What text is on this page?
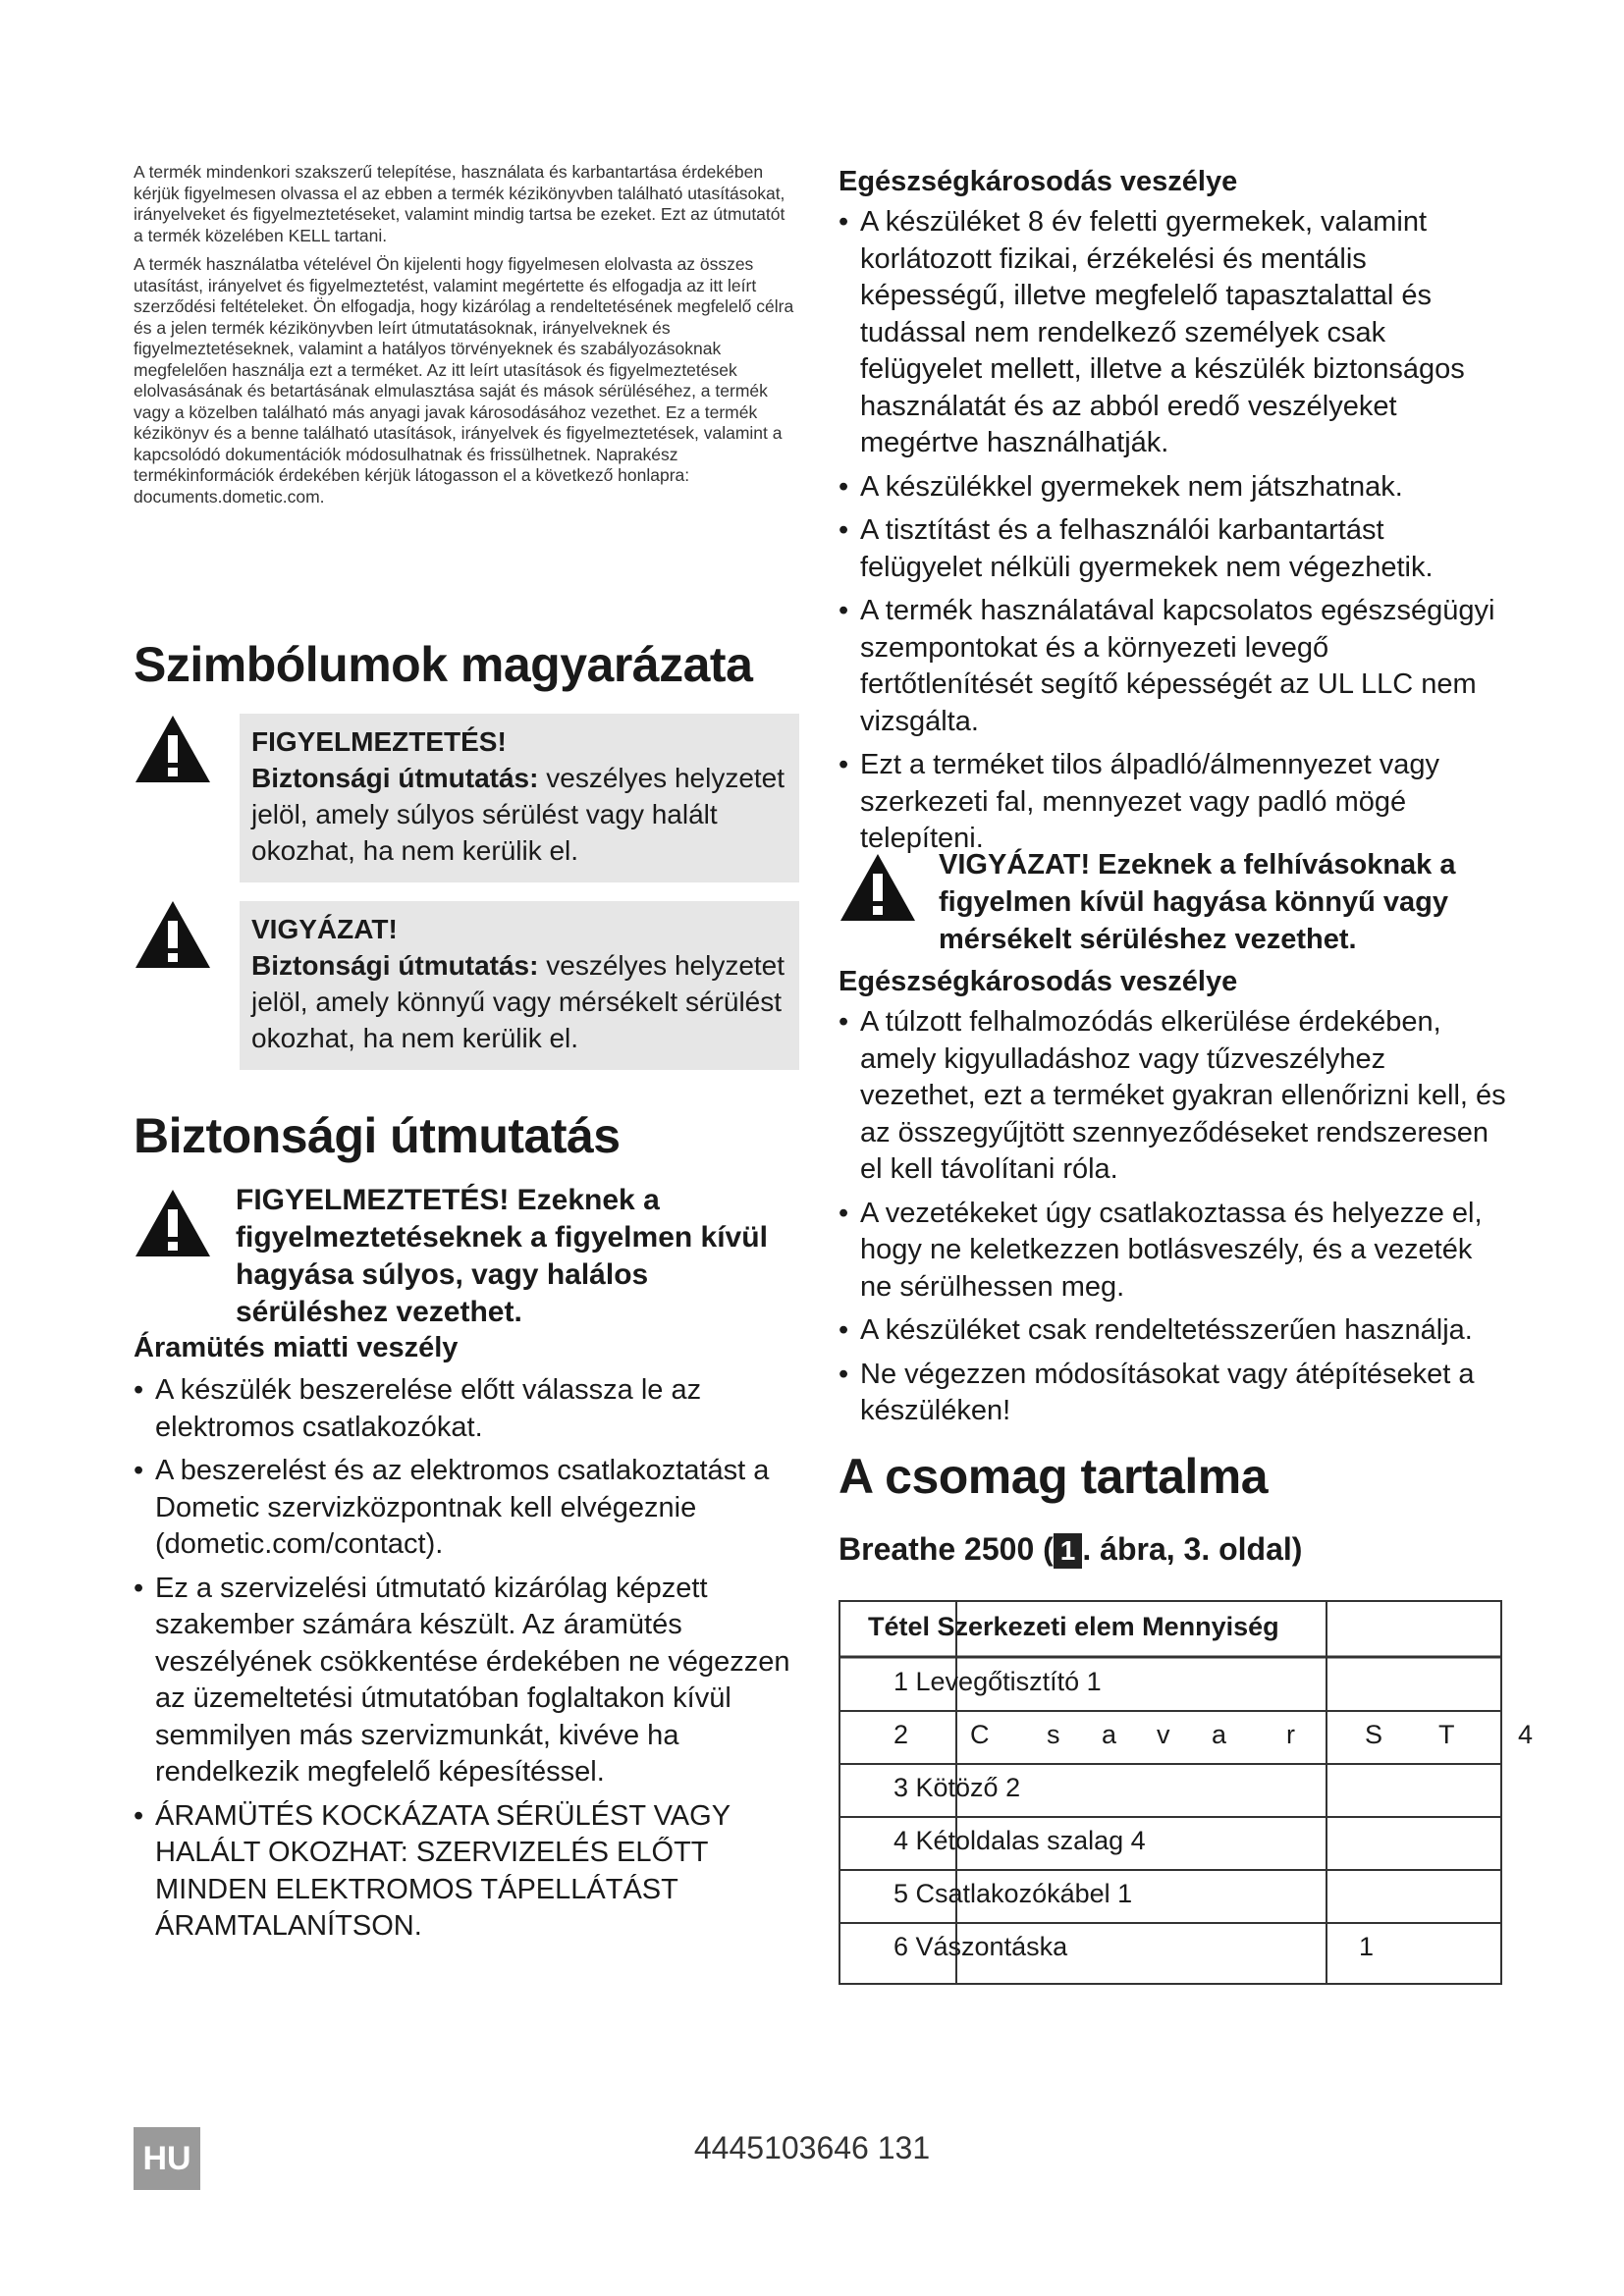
A termék mindenkori szakszerű telepítése, használata és karbantartása érdekében kérjük figyelmesen olvassa el az ebben a termék kézikönyvben található utasításokat, irányelveket és figyelmeztetéseket, valamint mindig tartsa be ezeket. Ezt az útmutatót a termék közelében KELL tartani.

A termék használatba vételével Ön kijelenti hogy figyelmesen elolvasta az összes utasítást, irányelvet és figyelmeztetést, valamint megértette és elfogadja az itt leírt szerződési feltételeket. Ön elfogadja, hogy kizárólag a rendeltetésének megfelelő célra és a jelen termék kézikönyvben leírt útmutatásoknak, irányelveknek és figyelmeztetéseknek, valamint a hatályos törvényeknek és szabályozásoknak megfelelően használja ezt a terméket. Az itt leírt utasítások és figyelmeztetések elolvasásának és betartásának elmulasztása saját és mások sérüléséhez, a termék vagy a közelben található más anyagi javak károsodásához vezethet. Ez a termék kézikönyv és a benne található utasítások, irányelvek és figyelmeztetések, valamint a kapcsolódó dokumentációk módosulhatnak és frissülhetnek. Naprakész termékinformációk érdekében kérjük látogasson el a következő honlapra: documents.dometic.com.

Szimbólumok magyarázata
FIGYELMEZTETÉS!
Biztonsági útmutatás: veszélyes helyzetet jelöl, amely súlyos sérülést vagy halált okozhat, ha nem kerülik el.
VIGYÁZAT!
Biztonsági útmutatás: veszélyes helyzetet jelöl, amely könnyű vagy mérsékelt sérülést okozhat, ha nem kerülik el.
Biztonsági útmutatás
FIGYELMEZTETÉS! Ezeknek a figyelmeztetéseknek a figyelmen kívül hagyása súlyos, vagy halálos sérüléshez vezethet.

Áramütés miatti veszély

• A készülék beszerelése előtt válassza le az elektromos csatlakozókat.
• A beszerelést és az elektromos csatlakoztatást a Dometic szervizközpontnak kell elvégeznie (dometic.com/contact).
• Ez a szervizelési útmutató kizárólag képzett szakember számára készült. Az áramütés veszélyének csökkentése érdekében ne végezzen az üzemeltetési útmutatóban foglaltakon kívül semmilyen más szervizmunkát, kivéve ha rendelkezik megfelelő képesítéssel.
• ÁRAMÜTÉS KOCKÁZATA SÉRÜLÉST VAGY HALÁLT OKOZHAT: SZERVIZELÉS ELŐTT MINDEN ELEKTROMOS TÁPELLÁTÁST ÁRAMTALANÍTSON.

Egészségkárosodás veszélye

• A készüléket 8 év feletti gyermekek, valamint korlátozott fizikai, érzékelési és mentális képességű, illetve megfelelő tapasztalattal és tudással nem rendelkező személyek csak felügyelet mellett, illetve a készülék biztonságos használatát és az abból eredő veszélyeket megértve használhatják.
• A készülékkel gyermekek nem játszhatnak.
• A tisztítást és a felhasználói karbantartást felügyelet nélküli gyermekek nem végezhetik.
• A termék használatával kapcsolatos egészségügyi szempontokat és a környezeti levegő fertőtlenítését segítő képességét az UL LLC nem vizsgálta.
• Ezt a terméket tilos álpadló/álmennyezet vagy szerkezeti fal, mennyezet vagy padló mögé telepíteni.
VIGYÁZAT! Ezeknek a felhívásoknak a figyelmen kívül hagyása könnyű vagy mérsékelt sérüléshez vezethet.

Egészségkárosodás veszélye

• A túlzott felhalmozódás elkerülése érdekében, amely kigyulladáshoz vagy tűzveszélyhez vezethet, ezt a terméket gyakran ellenőrizni kell, és az összegyűjtött szennyeződéseket rendszeresen el kell távolítani róla.
• A vezetékeket úgy csatlakoztassa és helyezze el, hogy ne keletkezzen botlásveszély, és a vezeték ne sérülhessen meg.
• A készüléket csak rendeltetésszerűen használja.
• Ne végezzen módosításokat vagy átépítéseket a készüléken!
A csomag tartalma
Breathe 2500 ( 1 . ábra, 3. oldal)
Tétel Szerkezeti elem Mennyiség
1 Levegőtisztító 1
2 C s a v a r	S T 4
3 Kötöző 2
4 Kétoldalas szalag 4
5 Csatlakozókábel 1
6 Vászontáska	1
HU	4445103646 131
